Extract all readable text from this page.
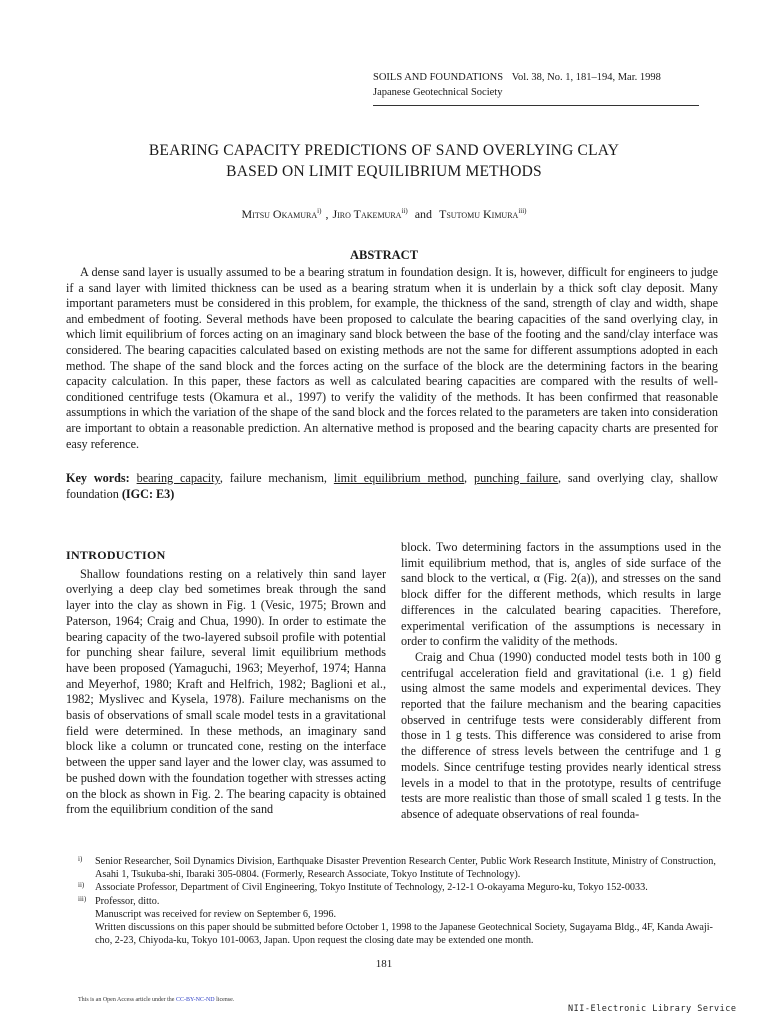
SOILS AND FOUNDATIONS Vol. 38, No. 1, 181–194, Mar. 1998
Japanese Geotechnical Society
BEARING CAPACITY PREDICTIONS OF SAND OVERLYING CLAY
BASED ON LIMIT EQUILIBRIUM METHODS
Mitsu Okamura$^{i)}$ , Jiro Takemura$^{ii)}$ and Tsutomu Kimura$^{iii)}$
ABSTRACT

A dense sand layer is usually assumed to be a bearing stratum in foundation design. It is, however, difficult for engineers to judge if a sand layer with limited thickness can be used as a bearing stratum when it is underlain by a thick soft clay deposit. Many important parameters must be considered in this problem, for example, the thickness of the sand, strength of clay and width, shape and embedment of footing. Several methods have been proposed to calculate the bearing capacities of the sand overlying clay, in which limit equilibrium of forces acting on an imaginary sand block between the base of the footing and the sand/clay interface was considered. The bearing capacities calculated based on existing methods are not the same for different assumptions adopted in each method. The shape of the sand block and the forces acting on the surface of the block are the determining factors in the bearing capacity calculation. In this paper, these factors as well as calculated bearing capacities are compared with the results of well-conditioned centrifuge tests (Okamura et al., 1997) to verify the validity of the methods. It has been confirmed that reasonable assumptions in which the variation of the shape of the sand block and the forces related to the parameters are taken into consideration are important to obtain a reasonable prediction. An alternative method is proposed and the bearing capacity charts are presented for easy reference.

Key words: bearing capacity, failure mechanism, limit equilibrium method, punching failure, sand overlying clay, shallow foundation (IGC: E3)
INTRODUCTION

Shallow foundations resting on a relatively thin sand layer overlying a deep clay bed sometimes break through the sand layer into the clay as shown in Fig. 1 (Vesic, 1975; Brown and Paterson, 1964; Craig and Chua, 1990). In order to estimate the bearing capacity of the two-layered subsoil profile with potential for punching shear failure, several limit equilibrium methods have been proposed (Yamaguchi, 1963; Meyerhof, 1974; Hanna and Meyerhof, 1980; Kraft and Helfrich, 1982; Baglioni et al., 1982; Myslivec and Kysela, 1978). Failure mechanisms on the basis of observations of small scale model tests in a gravitational field were determined. In these methods, an imaginary sand block like a column or truncated cone, resting on the interface between the upper sand layer and the lower clay, was assumed to be pushed down with the foundation together with stresses acting on the block as shown in Fig. 2. The bearing capacity is obtained from the equilibrium condition of the sand

block. Two determining factors in the assumptions used in the limit equilibrium method, that is, angles of side surface of the sand block to the vertical, α (Fig. 2(a)), and stresses on the sand block differ for the different methods, which results in large differences in the calculated bearing capacities. Therefore, experimental verification of the assumptions is necessary in order to confirm the validity of the methods.

Craig and Chua (1990) conducted model tests both in 100 g centrifugal acceleration field and gravitational (i.e. 1 g) field using almost the same models and experimental devices. They reported that the failure mechanism and the bearing capacities observed in centrifuge tests were considerably different from those in 1 g tests. This difference was considered to arise from the difference of stress levels between the centrifuge and 1 g models. Since centrifuge testing provides nearly identical stress levels in a model to that in the prototype, results of centrifuge tests are more realistic than those of small scaled 1 g tests. In the absence of adequate observations of real founda-

i) Senior Researcher, Soil Dynamics Division, Earthquake Disaster Prevention Research Center, Public Work Research Institute, Ministry of Construction, Asahi 1, Tsukuba-shi, Ibaraki 305-0804. (Formerly, Research Associate, Tokyo Institute of Technology).
ii) Associate Professor, Department of Civil Engineering, Tokyo Institute of Technology, 2-12-1 O-okayama Meguro-ku, Tokyo 152-0033.
iii) Professor, ditto.
Manuscript was received for review on September 6, 1996.
Written discussions on this paper should be submitted before October 1, 1998 to the Japanese Geotechnical Society, Sugayama Bldg., 4F, Kanda Awaji-cho, 2-23, Chiyoda-ku, Tokyo 101-0063, Japan. Upon request the closing date may be extended one month.
181
This is an Open Access article under the CC-BY-NC-ND license.
NII-Electronic Library Service
